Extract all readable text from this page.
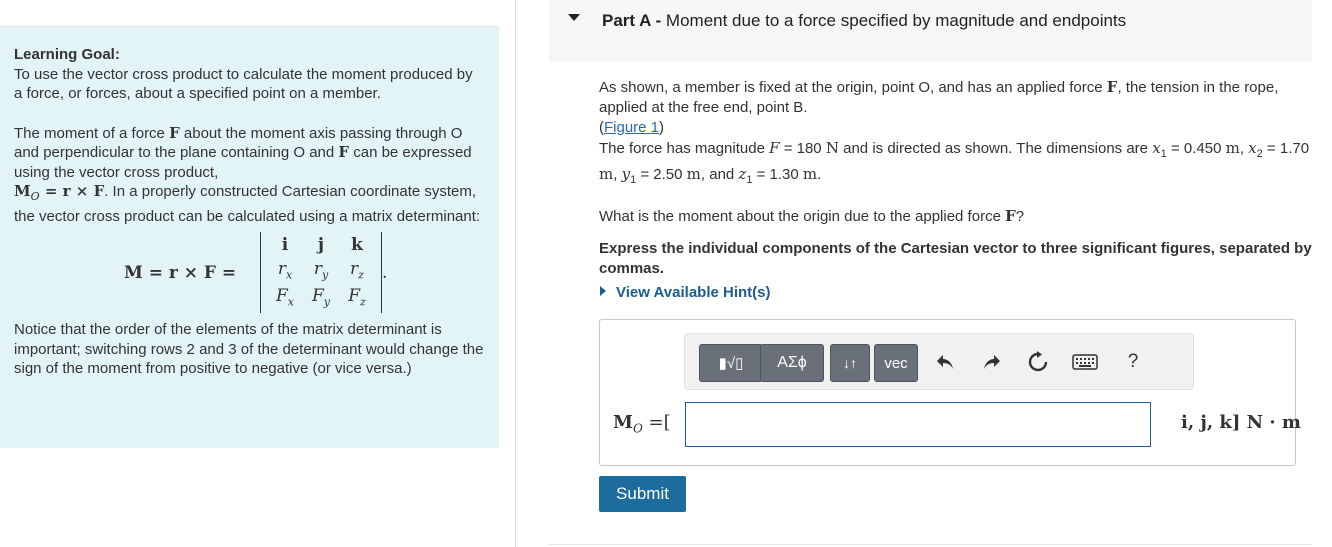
Learning Goal:

To use the vector cross product to calculate the moment produced by a force, or forces, about a specified point on a member.

The moment of a force F about the moment axis passing through O and perpendicular to the plane containing O and F can be expressed using the vector cross product,
$M_O = r \times F$. In a properly constructed Cartesian coordinate system, the vector cross product can be calculated using a matrix determinant:

M = r × F =
i	j	k
$r_x$	$r_y$	$r_z$
$F_x$	$F_y$	$F_z$
.

Notice that the order of the elements of the matrix determinant is important; switching rows 2 and 3 of the determinant would change the sign of the moment from positive to negative (or vice versa.)

Part A - Moment due to a force specified by magnitude and endpoints

As shown, a member is fixed at the origin, point O, and has an applied force F, the tension in the rope, applied at the free end, point B.
(Figure 1)
The force has magnitude F = 180 N and is directed as shown. The dimensions are $x_1 = 0.450$ m, $x_2 = 1.70$ m, $y_1 = 2.50$ m, and $z_1 = 1.30$ m.

What is the moment about the origin due to the applied force F?

Express the individual components of the Cartesian vector to three significant figures, separated by commas.

View Available Hint(s)
▮√▯	ΑΣϕ	↓↑	vec	?
$M_O$ =[	i, j, k] N · m
Submit
